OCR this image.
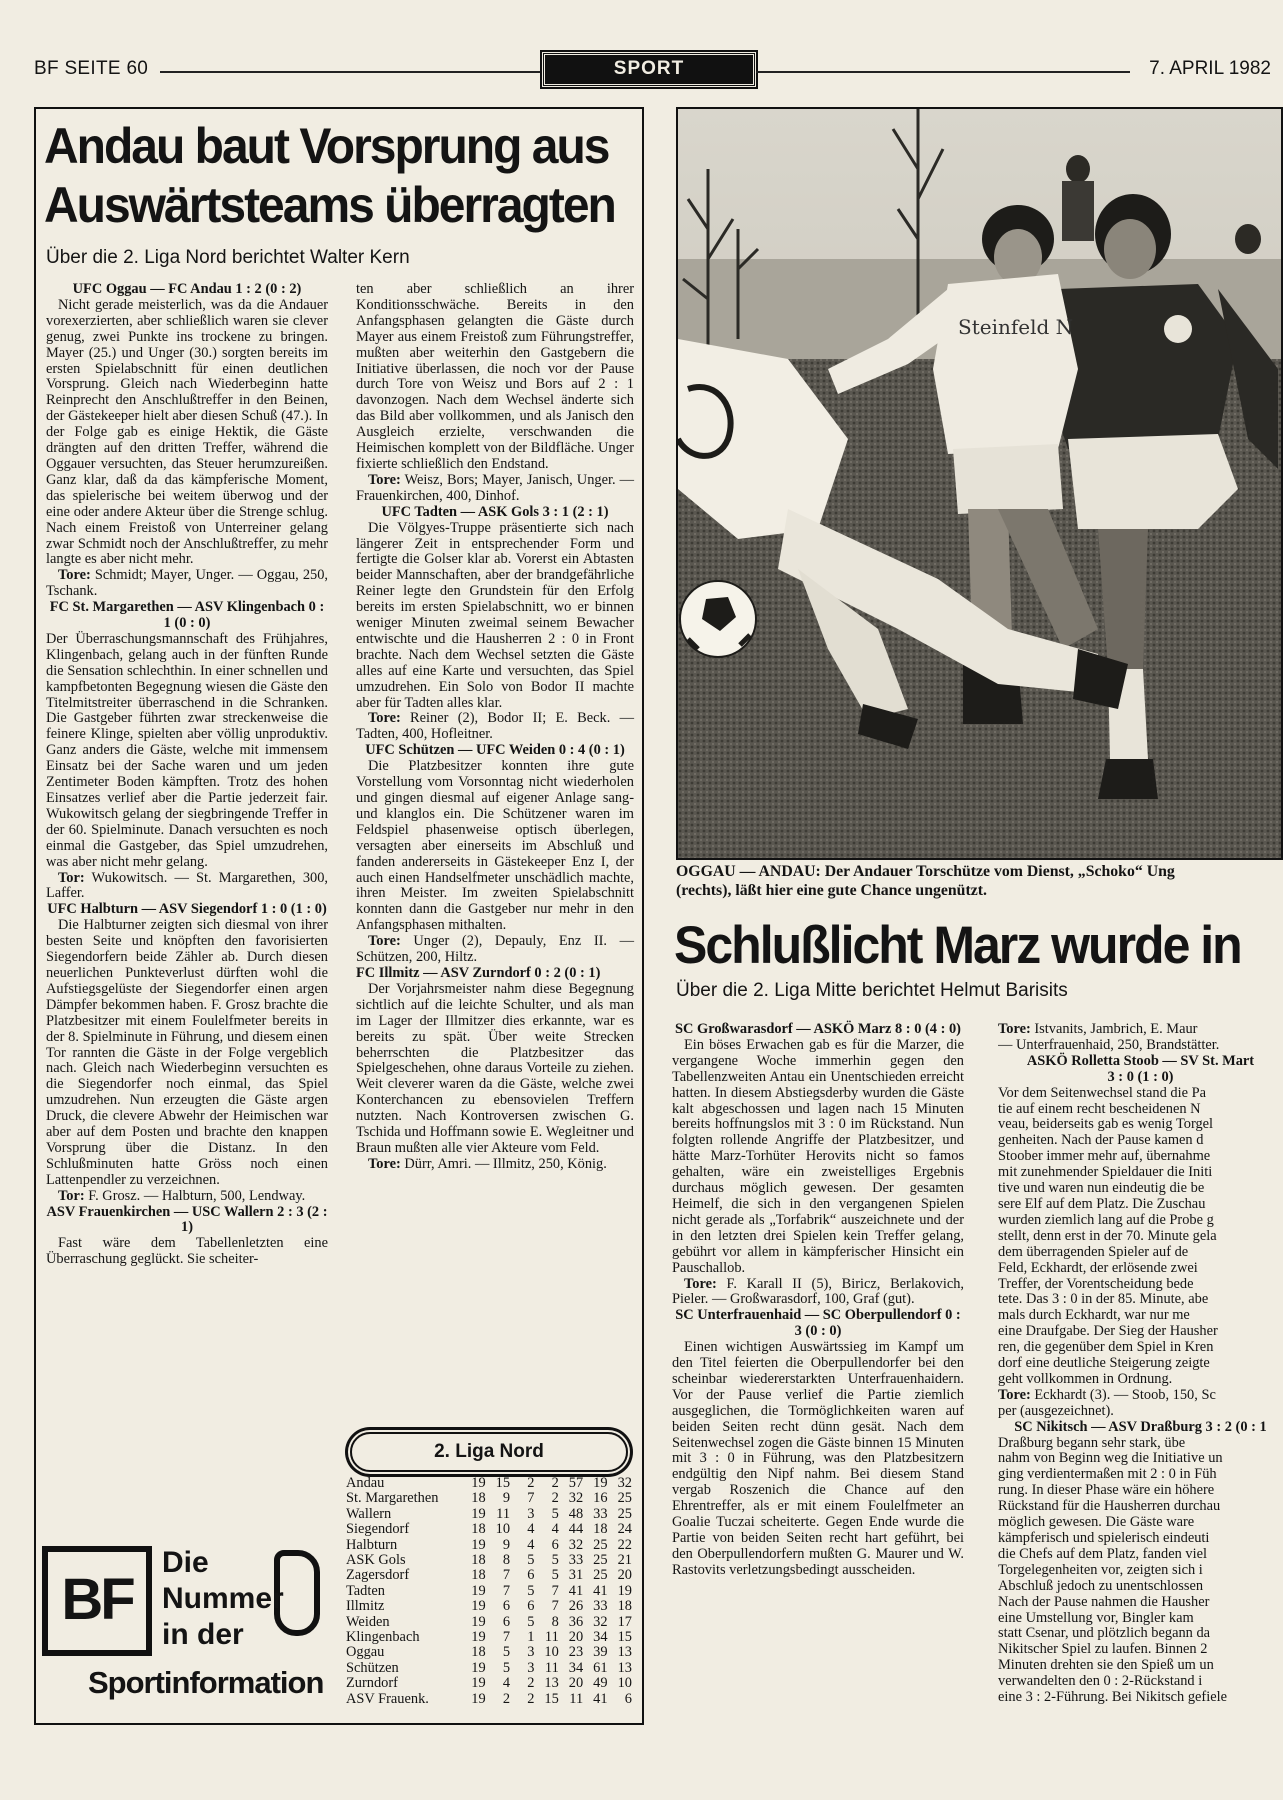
BF SEITE 60	SPORT	7. APRIL 1982
Andau baut Vorsprung aus
Auswärtsteams überragten
Über die 2. Liga Nord berichtet Walter Kern
UFC Oggau — FC Andau 1 : 2 (0 : 2)

Nicht gerade meisterlich, was da die Andauer vorexerzierten, aber schließlich waren sie clever genug, zwei Punkte ins trockene zu bringen. Mayer (25.) und Unger (30.) sorgten bereits im ersten Spielabschnitt für einen deutlichen Vorsprung. Gleich nach Wiederbeginn hatte Reinprecht den Anschlußtreffer in den Beinen, der Gästekeeper hielt aber diesen Schuß (47.). In der Folge gab es einige Hektik, die Gäste drängten auf den dritten Treffer, während die Oggauer versuchten, das Steuer herumzureißen. Ganz klar, daß da das kämpferische Moment, das spielerische bei weitem überwog und der eine oder andere Akteur über die Strenge schlug. Nach einem Freistoß von Unterreiner gelang zwar Schmidt noch der Anschlußtreffer, zu mehr langte es aber nicht mehr.

Tore: Schmidt; Mayer, Unger. — Oggau, 250, Tschank.

FC St. Margarethen — ASV Klingenbach 0 : 1 (0 : 0)

Der Überraschungsmannschaft des Frühjahres, Klingenbach, gelang auch in der fünften Runde die Sensation schlechthin. In einer schnellen und kampfbetonten Begegnung wiesen die Gäste den Titelmitstreiter überraschend in die Schranken. Die Gastgeber führten zwar streckenweise die feinere Klinge, spielten aber völlig unproduktiv. Ganz anders die Gäste, welche mit immensem Einsatz bei der Sache waren und um jeden Zentimeter Boden kämpften. Trotz des hohen Einsatzes verlief aber die Partie jederzeit fair. Wukowitsch gelang der siegbringende Treffer in der 60. Spielminute. Danach versuchten es noch einmal die Gastgeber, das Spiel umzudrehen, was aber nicht mehr gelang.

Tor: Wukowitsch. — St. Margarethen, 300, Laffer.

UFC Halbturn — ASV Siegendorf 1 : 0 (1 : 0)

Die Halbturner zeigten sich diesmal von ihrer besten Seite und knöpften den favorisierten Siegendorfern beide Zähler ab. Durch diesen neuerlichen Punkteverlust dürften wohl die Aufstiegsgelüste der Siegendorfer einen argen Dämpfer bekommen haben. F. Grosz brachte die Platzbesitzer mit einem Foulelfmeter bereits in der 8. Spielminute in Führung, und diesem einen Tor rannten die Gäste in der Folge vergeblich nach. Gleich nach Wiederbeginn versuchten es die Siegendorfer noch einmal, das Spiel umzudrehen. Nun erzeugten die Gäste argen Druck, die clevere Abwehr der Heimischen war aber auf dem Posten und brachte den knappen Vorsprung über die Distanz. In den Schlußminuten hatte Gröss noch einen Lattenpendler zu verzeichnen.

Tor: F. Grosz. — Halbturn, 500, Lendway.

ASV Frauenkirchen — USC Wallern 2 : 3 (2 : 1)

Fast wäre dem Tabellenletzten eine Überraschung geglückt. Sie scheiter-

ten aber schließlich an ihrer Konditionsschwäche. Bereits in den Anfangsphasen gelangten die Gäste durch Mayer aus einem Freistoß zum Führungstreffer, mußten aber weiterhin den Gastgebern die Initiative überlassen, die noch vor der Pause durch Tore von Weisz und Bors auf 2 : 1 davonzogen. Nach dem Wechsel änderte sich das Bild aber vollkommen, und als Janisch den Ausgleich erzielte, verschwanden die Heimischen komplett von der Bildfläche. Unger fixierte schließlich den Endstand.

Tore: Weisz, Bors; Mayer, Janisch, Unger. — Frauenkirchen, 400, Dinhof.

UFC Tadten — ASK Gols 3 : 1 (2 : 1)

Die Völgyes-Truppe präsentierte sich nach längerer Zeit in entsprechender Form und fertigte die Golser klar ab. Vorerst ein Abtasten beider Mannschaften, aber der brandgefährliche Reiner legte den Grundstein für den Erfolg bereits im ersten Spielabschnitt, wo er binnen weniger Minuten zweimal seinem Bewacher entwischte und die Hausherren 2 : 0 in Front brachte. Nach dem Wechsel setzten die Gäste alles auf eine Karte und versuchten, das Spiel umzudrehen. Ein Solo von Bodor II machte aber für Tadten alles klar.

Tore: Reiner (2), Bodor II; E. Beck. — Tadten, 400, Hofleitner.

UFC Schützen — UFC Weiden 0 : 4 (0 : 1)

Die Platzbesitzer konnten ihre gute Vorstellung vom Vorsonntag nicht wiederholen und gingen diesmal auf eigener Anlage sang- und klanglos ein. Die Schützener waren im Feldspiel phasenweise optisch überlegen, versagten aber einerseits im Abschluß und fanden andererseits in Gästekeeper Enz I, der auch einen Handselfmeter unschädlich machte, ihren Meister. Im zweiten Spielabschnitt konnten dann die Gastgeber nur mehr in den Anfangsphasen mithalten.

Tore: Unger (2), Depauly, Enz II. — Schützen, 200, Hiltz.

FC Illmitz — ASV Zurndorf 0 : 2 (0 : 1)

Der Vorjahrsmeister nahm diese Begegnung sichtlich auf die leichte Schulter, und als man im Lager der Illmitzer dies erkannte, war es bereits zu spät. Über weite Strecken beherrschten die Platzbesitzer das Spielgeschehen, ohne daraus Vorteile zu ziehen. Weit cleverer waren da die Gäste, welche zwei Konterchancen zu ebensovielen Treffern nutzten. Nach Kontroversen zwischen G. Tschida und Hoffmann sowie E. Wegleitner und Braun mußten alle vier Akteure vom Feld.

Tore: Dürr, Amri. — Illmitz, 250, König.

2. Liga Nord
Andau	19	15	2	2	57	19	32
St. Margarethen	18	9	7	2	32	16	25
Wallern	19	11	3	5	48	33	25
Siegendorf	18	10	4	4	44	18	24
Halbturn	19	9	4	6	32	25	22
ASK Gols	18	8	5	5	33	25	21
Zagersdorf	18	7	6	5	31	25	20
Tadten	19	7	5	7	41	41	19
Illmitz	19	6	6	7	26	33	18
Weiden	19	6	5	8	36	32	17
Klingenbach	19	7	1	11	20	34	15
Oggau	18	5	3	10	23	39	13
Schützen	19	5	3	11	34	61	13
Zurndorf	19	4	2	13	20	49	10
ASV Frauenk.	19	2	2	15	11	41	6
BF
Die
Nummer
in der
Sportinformation
Steinfeld N
OGGAU — ANDAU: Der Andauer Torschütze vom Dienst, „Schoko“ Ung
(rechts), läßt hier eine gute Chance ungenützt.
Schlußlicht Marz wurde in
Über die 2. Liga Mitte berichtet Helmut Barisits
SC Großwarasdorf — ASKÖ Marz 8 : 0 (4 : 0)

Ein böses Erwachen gab es für die Marzer, die vergangene Woche immerhin gegen den Tabellenzweiten Antau ein Unentschieden erreicht hatten. In diesem Abstiegsderby wurden die Gäste kalt abgeschossen und lagen nach 15 Minuten bereits hoffnungslos mit 3 : 0 im Rückstand. Nun folgten rollende Angriffe der Platzbesitzer, und hätte Marz-Torhüter Herovits nicht so famos gehalten, wäre ein zweistelliges Ergebnis durchaus möglich gewesen. Der gesamten Heimelf, die sich in den vergangenen Spielen nicht gerade als „Torfabrik“ auszeichnete und der in den letzten drei Spielen kein Treffer gelang, gebührt vor allem in kämpferischer Hinsicht ein Pauschallob.

Tore: F. Karall II (5), Biricz, Berlakovich, Pieler. — Großwarasdorf, 100, Graf (gut).

SC Unterfrauenhaid — SC Oberpullendorf 0 : 3 (0 : 0)

Einen wichtigen Auswärtssieg im Kampf um den Titel feierten die Oberpullendorfer bei den scheinbar wiedererstarkten Unterfrauenhaidern. Vor der Pause verlief die Partie ziemlich ausgeglichen, die Tormöglichkeiten waren auf beiden Seiten recht dünn gesät. Nach dem Seitenwechsel zogen die Gäste binnen 15 Minuten mit 3 : 0 in Führung, was den Platzbesitzern endgültig den Nipf nahm. Bei diesem Stand vergab Roszenich die Chance auf den Ehrentreffer, als er mit einem Foulelfmeter an Goalie Tuczai scheiterte. Gegen Ende wurde die Partie von beiden Seiten recht hart geführt, bei den Oberpullendorfern mußten G. Maurer und W. Rastovits verletzungsbedingt ausscheiden.

Tore: Istvanits, Jambrich, E. Maur
— Unterfrauenhaid, 250, Brandstätter.
ASKÖ Rolletta Stoob — SV St. Mart
3 : 0 (1 : 0)
Vor dem Seitenwechsel stand die Pa
tie auf einem recht bescheidenen N
veau, beiderseits gab es wenig Torgel
genheiten. Nach der Pause kamen d
Stoober immer mehr auf, übernahme
mit zunehmender Spieldauer die Initi
tive und waren nun eindeutig die be
sere Elf auf dem Platz. Die Zuschau
wurden ziemlich lang auf die Probe g
stellt, denn erst in der 70. Minute gela
dem überragenden Spieler auf de
Feld, Eckhardt, der erlösende zwei
Treffer, der Vorentscheidung bede
tete. Das 3 : 0 in der 85. Minute, abe
mals durch Eckhardt, war nur me
eine Draufgabe. Der Sieg der Hausher
ren, die gegenüber dem Spiel in Kren
dorf eine deutliche Steigerung zeigte
geht vollkommen in Ordnung.
Tore: Eckhardt (3). — Stoob, 150, Sc
per (ausgezeichnet).
SC Nikitsch — ASV Draßburg 3 : 2 (0 : 1
Draßburg begann sehr stark, übe
nahm von Beginn weg die Initiative un
ging verdientermaßen mit 2 : 0 in Füh
rung. In dieser Phase wäre ein höhere
Rückstand für die Hausherren durchau
möglich gewesen. Die Gäste ware
kämpferisch und spielerisch eindeuti
die Chefs auf dem Platz, fanden viel
Torgelegenheiten vor, zeigten sich i
Abschluß jedoch zu unentschlossen
Nach der Pause nahmen die Hausher
eine Umstellung vor, Bingler kam
statt Csenar, und plötzlich begann da
Nikitscher Spiel zu laufen. Binnen 2
Minuten drehten sie den Spieß um un
verwandelten den 0 : 2-Rückstand i
eine 3 : 2-Führung. Bei Nikitsch gefiele
